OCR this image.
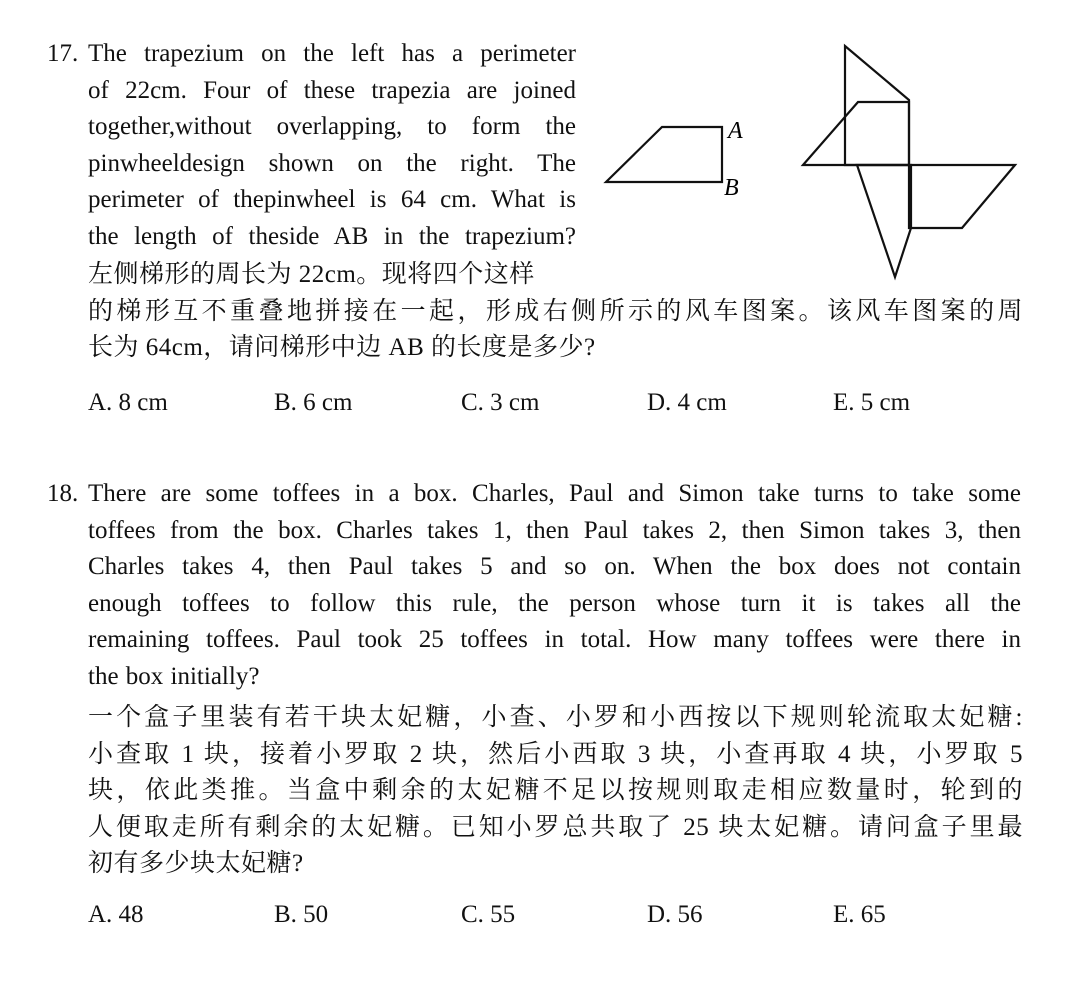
17. The trapezium on the left has a perimeter
of 22cm. Four of these trapezia are joined
together,without overlapping, to form the
pinwheeldesign shown on the right. The
perimeter of thepinwheel is 64 cm. What is
the length of theside AB in the trapezium?
左侧梯形的周长为 22cm。现将四个这样
的梯形互不重叠地拼接在一起，形成右侧所示的风车图案。该风车图案的周
长为 64cm，请问梯形中边 AB 的长度是多少?
A
B
A. 8 cm	B. 6 cm	C. 3 cm	D. 4 cm	E. 5 cm
18. There are some toffees in a box. Charles, Paul and Simon take turns to take some
toffees from the box. Charles takes 1, then Paul takes 2, then Simon takes 3, then
Charles takes 4, then Paul takes 5 and so on. When the box does not contain
enough toffees to follow this rule, the person whose turn it is takes all the
remaining toffees. Paul took 25 toffees in total. How many toffees were there in
the box initially?
一个盒子里装有若干块太妃糖，小查、小罗和小西按以下规则轮流取太妃糖:
小查取 1 块，接着小罗取 2 块，然后小西取 3 块，小查再取 4 块，小罗取 5
块，依此类推。当盒中剩余的太妃糖不足以按规则取走相应数量时，轮到的
人便取走所有剩余的太妃糖。已知小罗总共取了 25 块太妃糖。请问盒子里最
初有多少块太妃糖?
A. 48	B. 50	C. 55	D. 56	E. 65
